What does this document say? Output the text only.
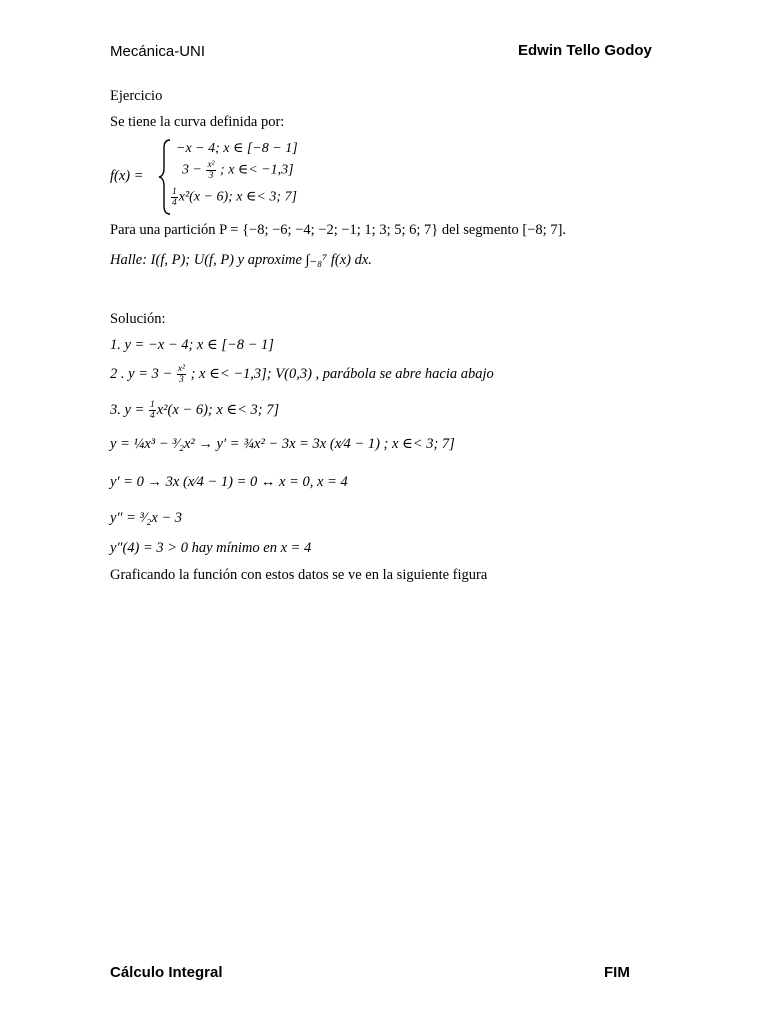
Mecánica-UNI	Edwin Tello Godoy
Ejercicio
Se tiene la curva definida por:
f(x) =
−x − 4; x ∈ [−8 − 1]
$3 - \frac{\text{x²}}{3}$ ; x ∈< −1,3]
$\frac{1}{4} x^2(x - 6)$; x ∈< 3; 7]
Para una partición P = {−8; −6; −4; −2; −1; 1; 3; 5; 6; 7} del segmento [−8; 7].
Halle: I(f, P); U(f, P) y aproxime ∫₋₈⁷ f(x) dx.
Solución:
1. y = −x − 4; x ∈ [−8 − 1]
2 . $y = 3 - \frac{\text{x²}}{3}$ ; x ∈< −1,3]; V(0,3) , parábola se abre hacia abajo
3. $y = \frac{1}{4} x^2(x - 6)$; x ∈< 3; 7]
y = ¼x³ − ³⁄₂x² → y′ = ¾x² − 3x = 3x (x⁄4 − 1) ; x ∈< 3; 7]
y′ = 0 → 3x (x⁄4 − 1) = 0 ↔ x = 0, x = 4
y″ = ³⁄₂x − 3
y″(4) = 3 > 0 hay mínimo en x = 4
Graficando la función con estos datos se ve en la siguiente figura
Cálculo Integral	FIM
